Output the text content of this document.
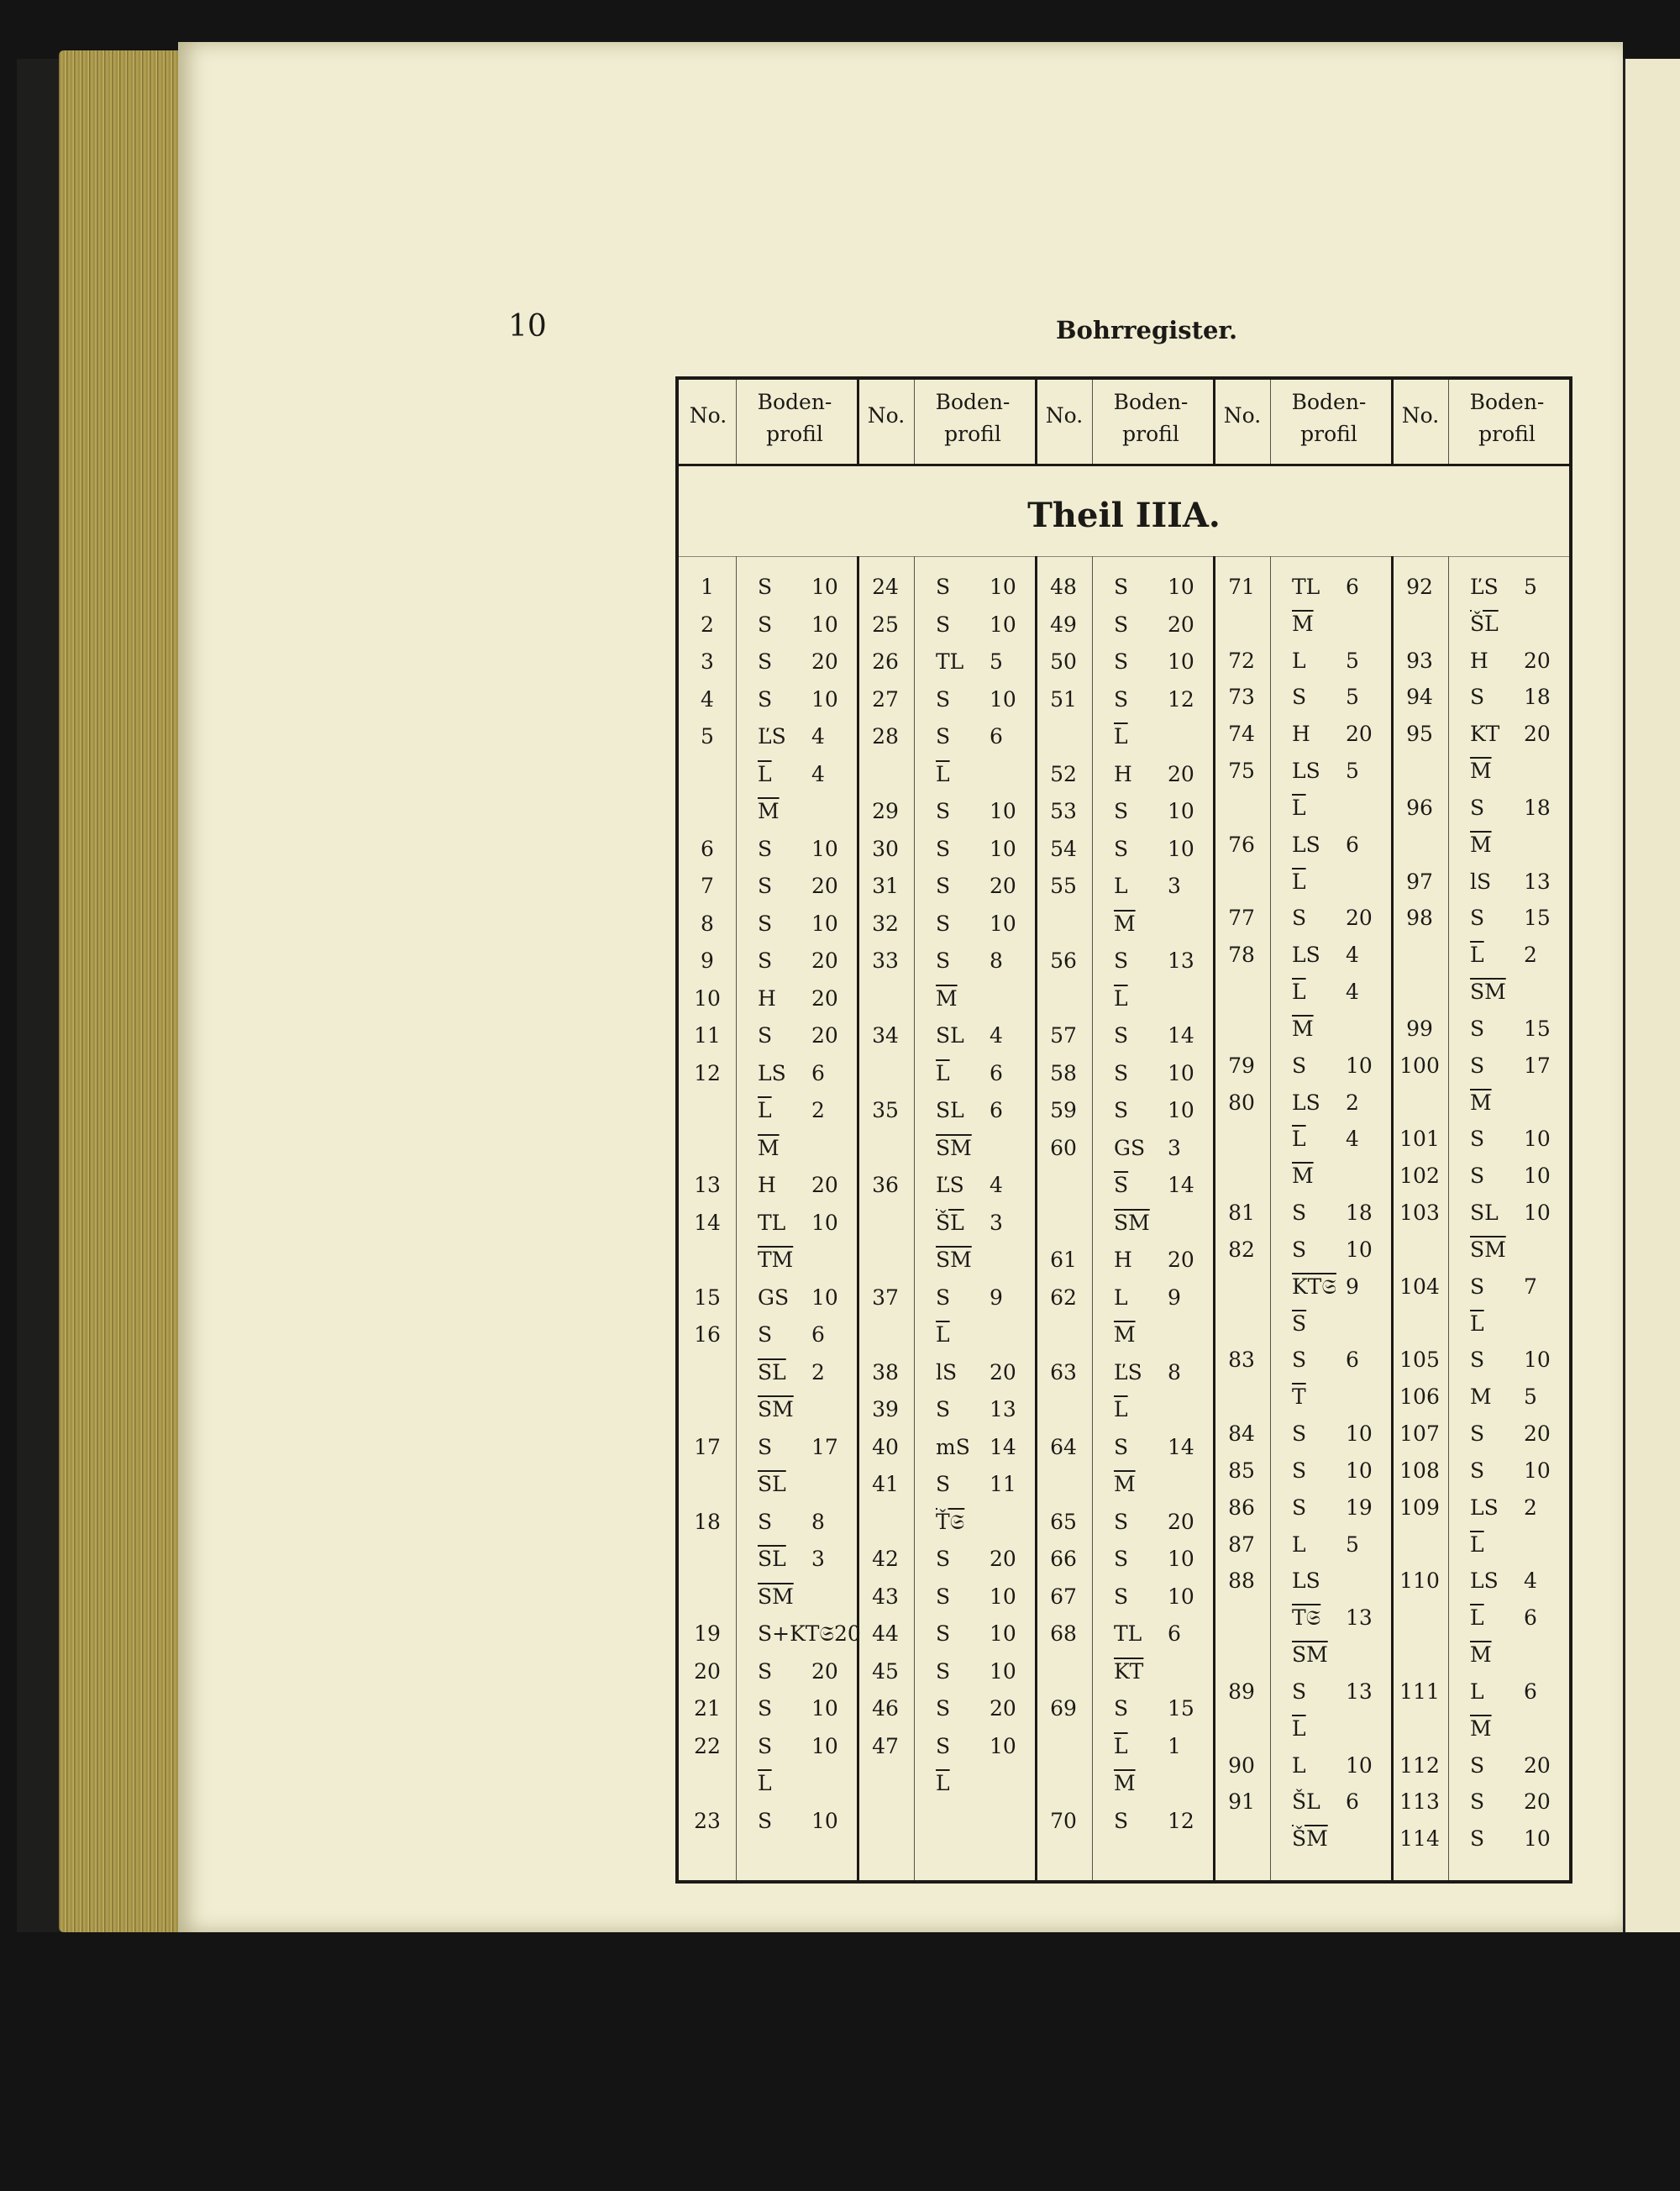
10	Bohrregister.
Theil IIIA.
No.
Boden-
profil
1	S 10
2	S 10
3	S 20
4	S 10
5	ĽS 4
$\overline{L}$ 4
$\overline{M}$
6	S 10
7	S 20
8	S 10
9	S 20
10	H 20
11	S 20
12	LS 6
$\overline{L}$ 2
$\overline{M}$
13	H 20
14	TL 10
$\overline{TM}$
15	GS 10
16	S 6
$\overline{SL}$ 2
$\overline{SM}$
17	S 17
$\overline{SL}$
18	S 8
$\overline{SL}$ 3
$\overline{SM}$
19	S+KT𝔖20
20	S 20
21	S 10
22	S 10
$\overline{L}$
23	S 10
No.
Boden-
profil
24	S 10
25	S 10
26	TL 5
27	S 10
28	S 6
$\overline{L}$
29	S 10
30	S 10
31	S 20
32	S 10
33	S 8
$\overline{M}$
34	SL 4
$\overline{L}$ 6
35	SL 6
$\overline{SM}$
36	ĽS 4
$\overline{ŠL}$ 3
$\overline{SM}$
37	S 9
$\overline{L}$
38	lS 20
39	S 13
40	mS 14
41	S 11
Ť𝔖
42	S 20
43	S 10
44	S 10
45	S 10
46	S 20
47	S 10
$\overline{L}$
No.
Boden-
profil
48	S 10
49	S 20
50	S 10
51	S 12
$\overline{L}$
52	H 20
53	S 10
54	S 10
55	L 3
$\overline{M}$
56	S 13
$\overline{L}$
57	S 14
58	S 10
59	S 10
60	GS 3
$\overline{S}$ 14
$\overline{SM}$
61	H 20
62	L 9
$\overline{M}$
63	ĽS 8
$\overline{L}$
64	S 14
$\overline{M}$
65	S 20
66	S 10
67	S 10
68	TL 6
$\overline{KT}$
69	S 15
$\overline{L}$ 1
$\overline{M}$
70	S 12
No.
Boden-
profil
71	TL 6
$\overline{M}$
72	L 5
73	S 5
74	H 20
75	LS 5
$\overline{L}$
76	LS 6
$\overline{L}$
77	S 20
78	LS 4
$\overline{L}$ 4
$\overline{M}$
79	S 10
80	LS 2
$\overline{L}$ 4
$\overline{M}$
81	S 18
82	S 10
KT𝔖 9
$\overline{S}$
83	S 6
$\overline{T}$
84	S 10
85	S 10
86	S 19
87	L 5
88	LS
T𝔖 13
$\overline{SM}$
89	S 13
$\overline{L}$
90	L 10
91	ŠL 6
$\overline{ŠM}$
No.
Boden-
profil
92	ĽS 5
$\overline{ŠL}$
93	H 20
94	S 18
95	KT 20
$\overline{M}$
96	S 18
$\overline{M}$
97	lS 13
98	S 15
$\overline{L}$ 2
$\overline{SM}$
99	S 15
100 S 17
$\overline{M}$
101 S 10
102 S 10
103 SL 10
$\overline{SM}$
104 S 7
$\overline{L}$
105 S 10
106 M 5
107 S 20
108 S 10
109 LS 2
$\overline{L}$
110 LS 4
$\overline{L}$ 6
$\overline{M}$
111 L 6
$\overline{M}$
112 S 20
113 S 20
114 S 10
